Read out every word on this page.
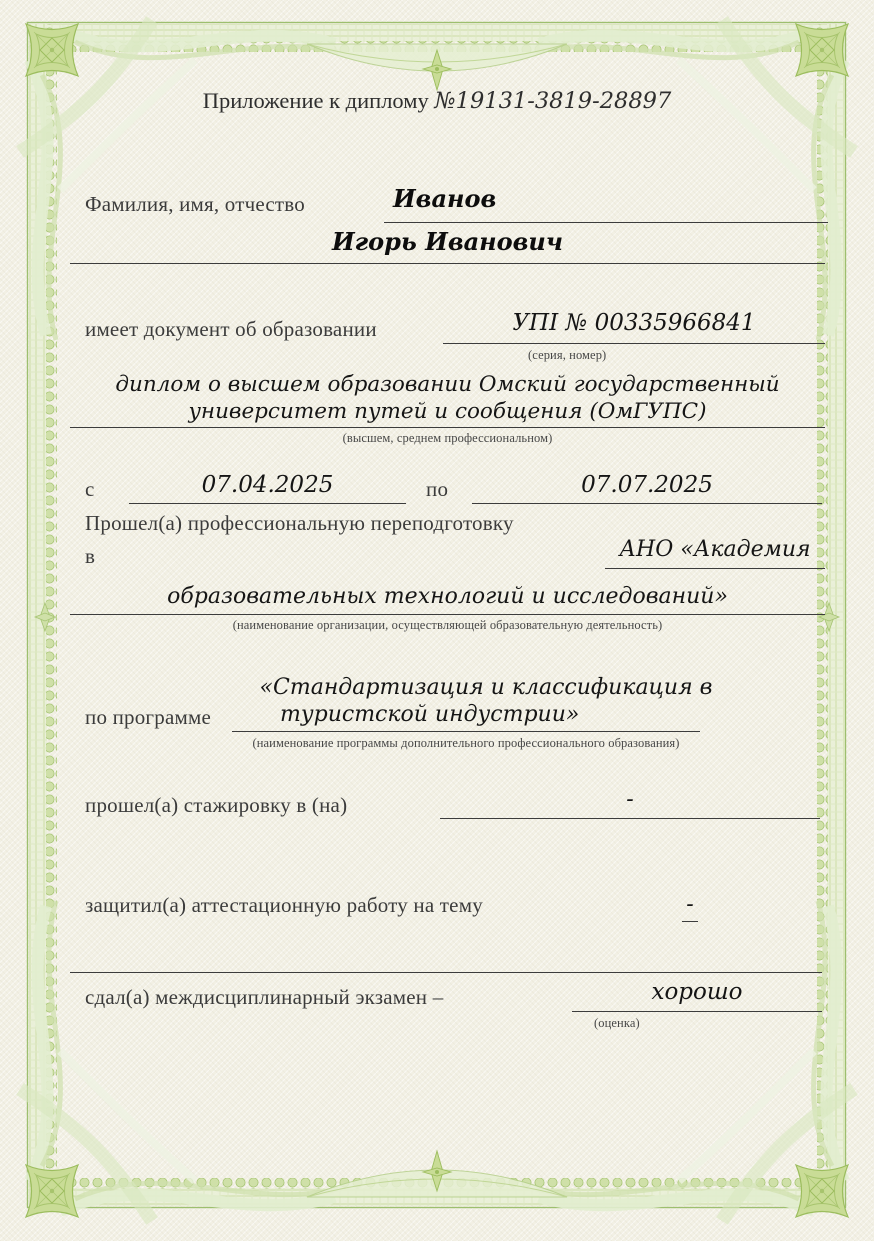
Приложение к диплому №19131-3819-28897
Фамилия, имя, отчество	Иванов
Игорь Иванович
имеет документ об образовании	УПІ № 00335966841
(серия, номер)
диплом о высшем образовании Омский государственный
университет путей и сообщения (ОмГУПС)
(высшем, среднем профессиональном)
с	07.04.2025	по	07.07.2025
Прошел(а) профессиональную переподготовку
в	АНО «Академия
образовательных технологий и исследований»
(наименование организации, осуществляющей образовательную деятельность)
«Стандартизация и классификация в
по программе	туристской индустрии»
(наименование программы дополнительного профессионального образования)
прошел(а) стажировку в (на)	-
защитил(а) аттестационную работу на тему	-
сдал(а) междисциплинарный экзамен –	хорошо
(оценка)
